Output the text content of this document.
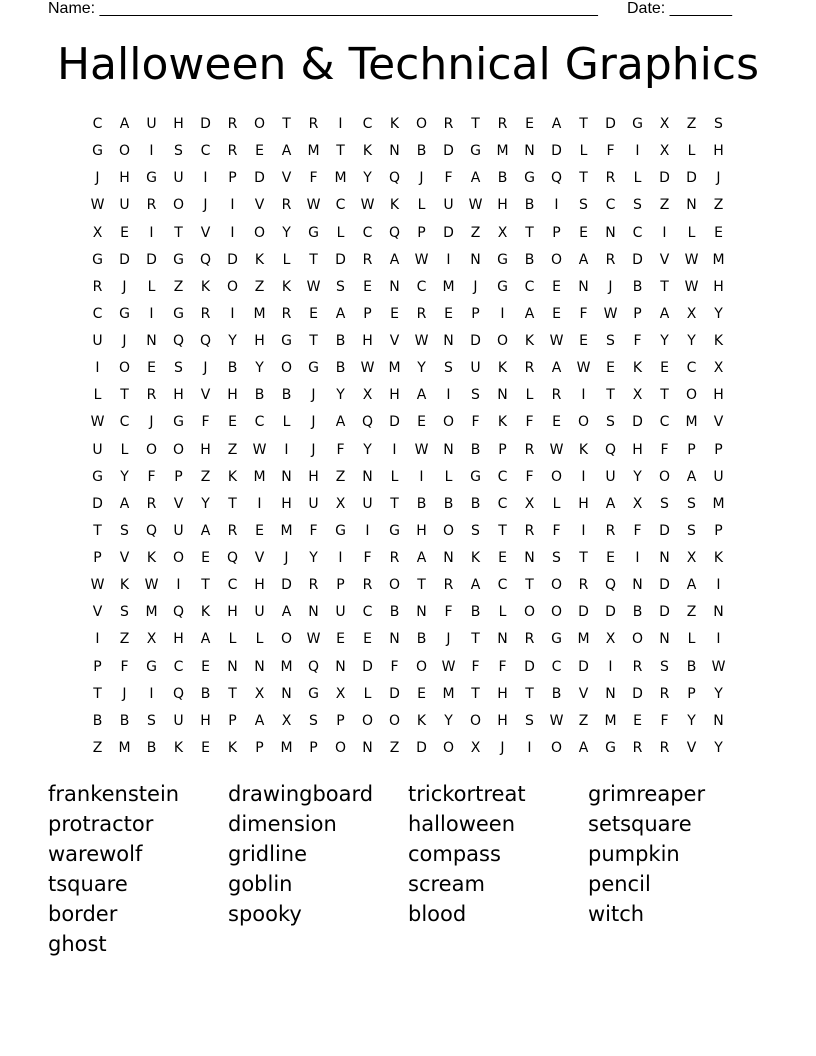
Name: ________________________________________________________ Date: _______
Halloween & Technical Graphics
C	A	U	H	D	R	O	T	R	I	C	K	O	R	T	R	E	A	T	D	G	X	Z	S
G	O	I	S	C	R	E	A	M	T	K	N	B	D	G	M	N	D	L	F	I	X	L	H
J	H	G	U	I	P	D	V	F	M	Y	Q	J	F	A	B	G	Q	T	R	L	D	D	J
W	U	R	O	J	I	V	R	W	C	W	K	L	U	W	H	B	I	S	C	S	Z	N	Z
X	E	I	T	V	I	O	Y	G	L	C	Q	P	D	Z	X	T	P	E	N	C	I	L	E
G	D	D	G	Q	D	K	L	T	D	R	A	W	I	N	G	B	O	A	R	D	V	W	M
R	J	L	Z	K	O	Z	K	W	S	E	N	C	M	J	G	C	E	N	J	B	T	W	H
C	G	I	G	R	I	M	R	E	A	P	E	R	E	P	I	A	E	F	W	P	A	X	Y
U	J	N	Q	Q	Y	H	G	T	B	H	V	W	N	D	O	K	W	E	S	F	Y	Y	K
I	O	E	S	J	B	Y	O	G	B	W	M	Y	S	U	K	R	A	W	E	K	E	C	X
L	T	R	H	V	H	B	B	J	Y	X	H	A	I	S	N	L	R	I	T	X	T	O	H
W	C	J	G	F	E	C	L	J	A	Q	D	E	O	F	K	F	E	O	S	D	C	M	V
U	L	O	O	H	Z	W	I	J	F	Y	I	W	N	B	P	R	W	K	Q	H	F	P	P
G	Y	F	P	Z	K	M	N	H	Z	N	L	I	L	G	C	F	O	I	U	Y	O	A	U
D	A	R	V	Y	T	I	H	U	X	U	T	B	B	B	C	X	L	H	A	X	S	S	M
T	S	Q	U	A	R	E	M	F	G	I	G	H	O	S	T	R	F	I	R	F	D	S	P
P	V	K	O	E	Q	V	J	Y	I	F	R	A	N	K	E	N	S	T	E	I	N	X	K
W	K	W	I	T	C	H	D	R	P	R	O	T	R	A	C	T	O	R	Q	N	D	A	I
V	S	M	Q	K	H	U	A	N	U	C	B	N	F	B	L	O	O	D	D	B	D	Z	N
I	Z	X	H	A	L	L	O	W	E	E	N	B	J	T	N	R	G	M	X	O	N	L	I
P	F	G	C	E	N	N	M	Q	N	D	F	O	W	F	F	D	C	D	I	R	S	B	W
T	J	I	Q	B	T	X	N	G	X	L	D	E	M	T	H	T	B	V	N	D	R	P	Y
B	B	S	U	H	P	A	X	S	P	O	O	K	Y	O	H	S	W	Z	M	E	F	Y	N
Z	M	B	K	E	K	P	M	P	O	N	Z	D	O	X	J	I	O	A	G	R	R	V	Y
frankenstein	drawingboard	trickortreat	grimreaper
protractor	dimension	halloween	setsquare
warewolf	gridline	compass	pumpkin
tsquare	goblin	scream	pencil
border	spooky	blood	witch
ghost
